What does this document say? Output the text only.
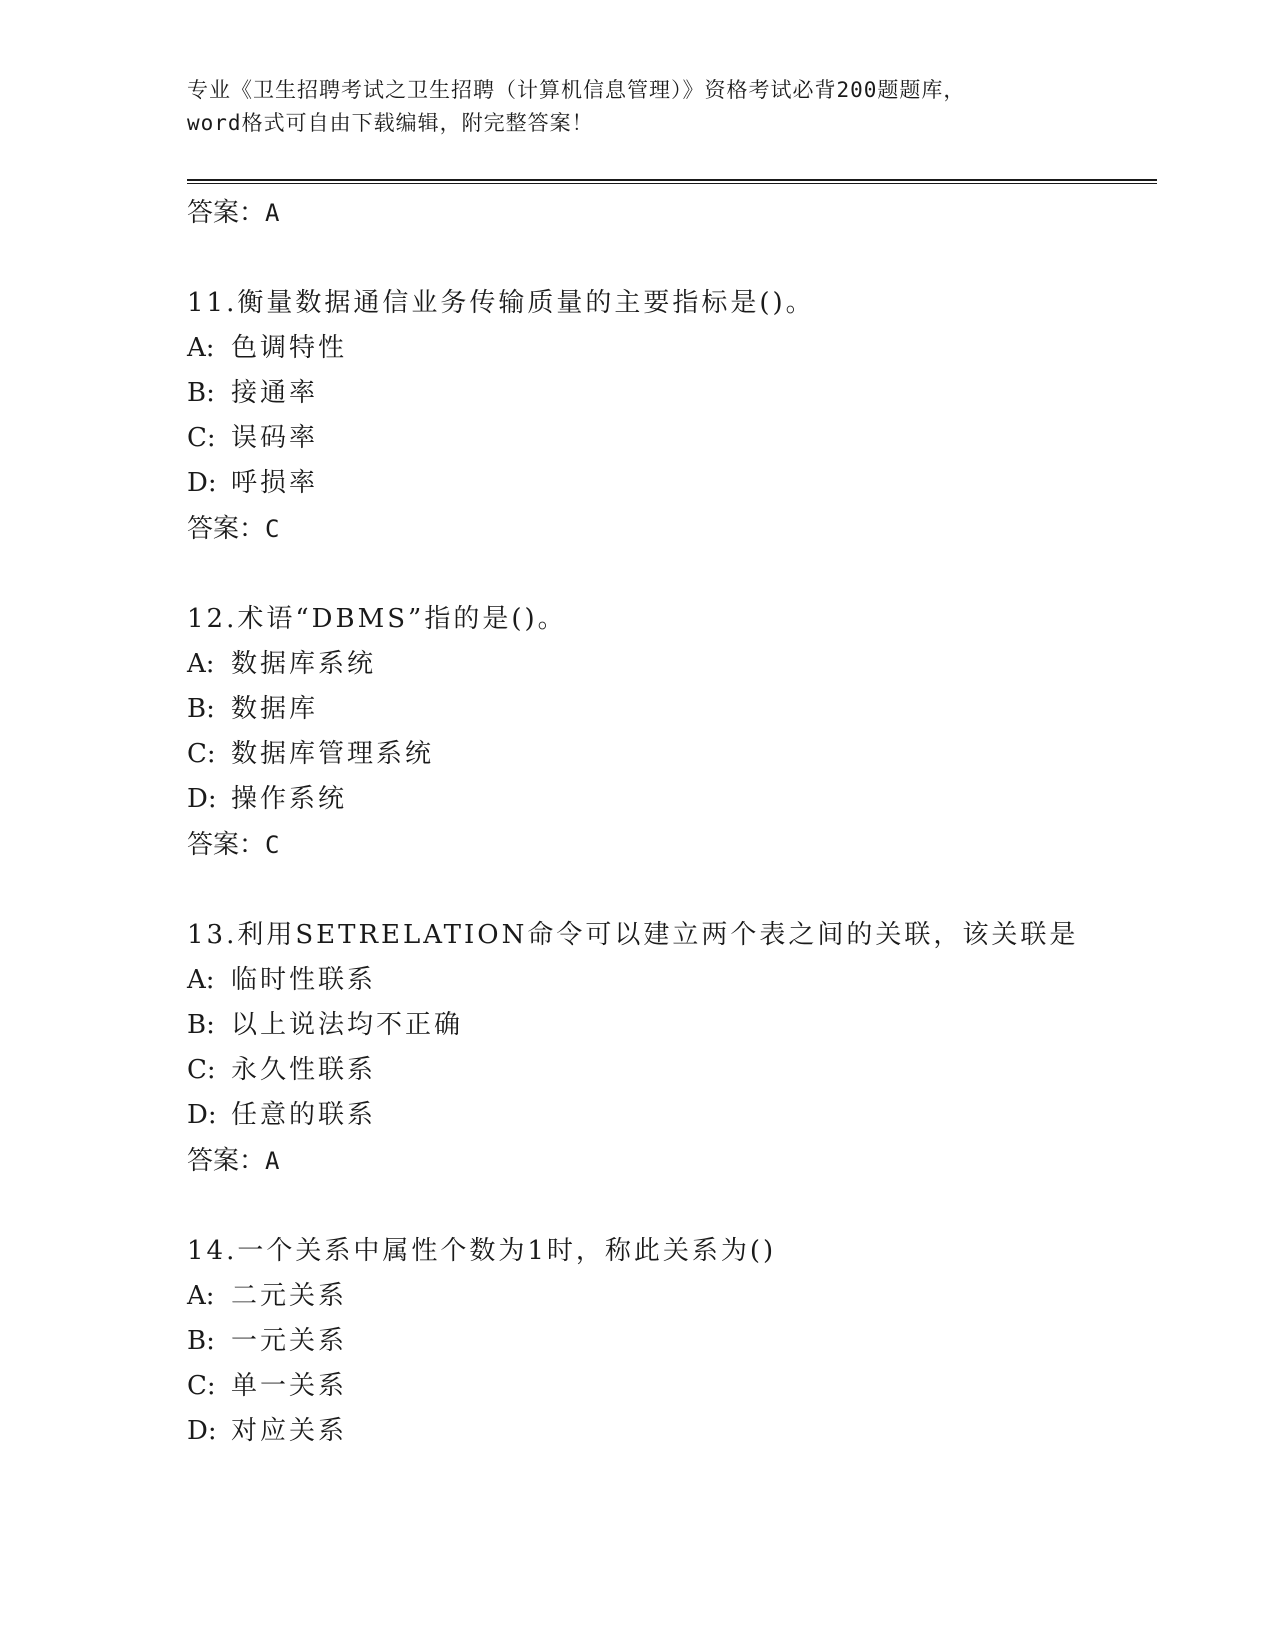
专业《卫生招聘考试之卫生招聘（计算机信息管理）》资格考试必背200题题库，
word格式可自由下载编辑，附完整答案！
答案：A
11.衡量数据通信业务传输质量的主要指标是()。
A: 色调特性
B: 接通率
C: 误码率
D: 呼损率
答案：C
12.术语“DBMS”指的是()。
A: 数据库系统
B: 数据库
C: 数据库管理系统
D: 操作系统
答案：C
13.利用SETRELATION命令可以建立两个表之间的关联，该关联是
A: 临时性联系
B: 以上说法均不正确
C: 永久性联系
D: 任意的联系
答案：A
14.一个关系中属性个数为1时，称此关系为()
A: 二元关系
B: 一元关系
C: 单一关系
D: 对应关系
